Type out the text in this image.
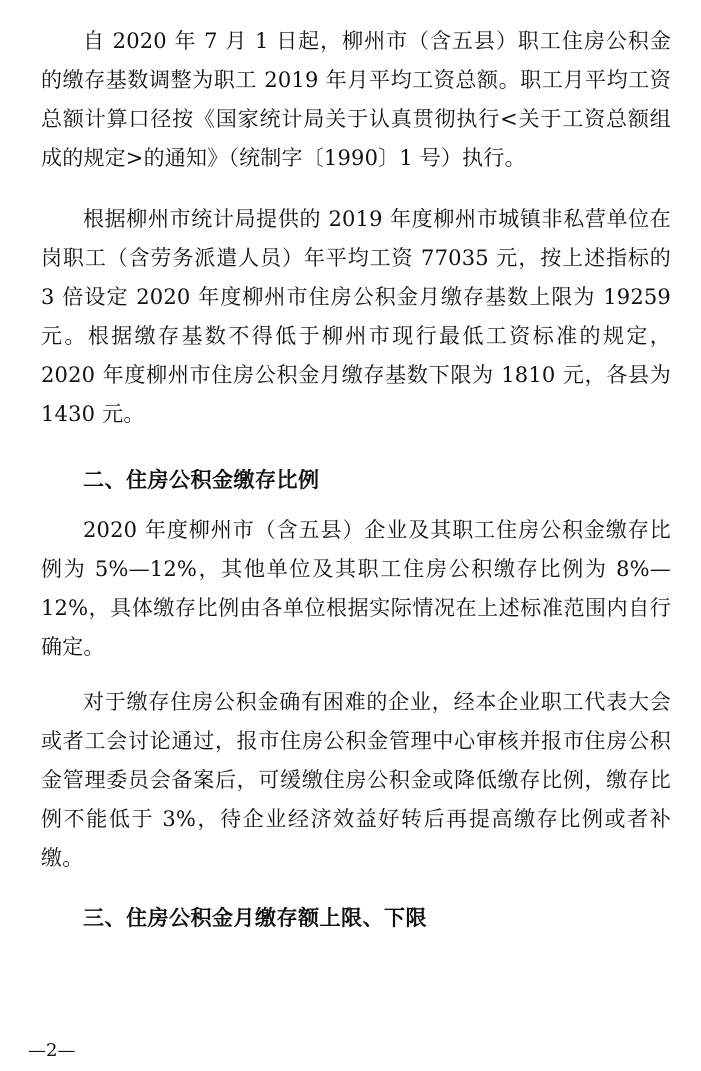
自 2020 年 7 月 1 日起，柳州市（含五县）职工住房公积金的缴存基数调整为职工 2019 年月平均工资总额。职工月平均工资总额计算口径按《国家统计局关于认真贯彻执行<关于工资总额组成的规定>的通知》（统制字〔1990〕1 号）执行。

根据柳州市统计局提供的 2019 年度柳州市城镇非私营单位在岗职工（含劳务派遣人员）年平均工资 77035 元，按上述指标的 3 倍设定 2020 年度柳州市住房公积金月缴存基数上限为 19259 元。根据缴存基数不得低于柳州市现行最低工资标准的规定， 2020 年度柳州市住房公积金月缴存基数下限为 1810 元，各县为 1430 元。

二、住房公积金缴存比例

2020 年度柳州市（含五县）企业及其职工住房公积金缴存比例为 5%—12%，其他单位及其职工住房公积缴存比例为 8%—12%，具体缴存比例由各单位根据实际情况在上述标准范围内自行确定。

对于缴存住房公积金确有困难的企业，经本企业职工代表大会或者工会讨论通过，报市住房公积金管理中心审核并报市住房公积金管理委员会备案后，可缓缴住房公积金或降低缴存比例，缴存比例不能低于 3%，待企业经济效益好转后再提高缴存比例或者补缴。

三、住房公积金月缴存额上限、下限
—2—
